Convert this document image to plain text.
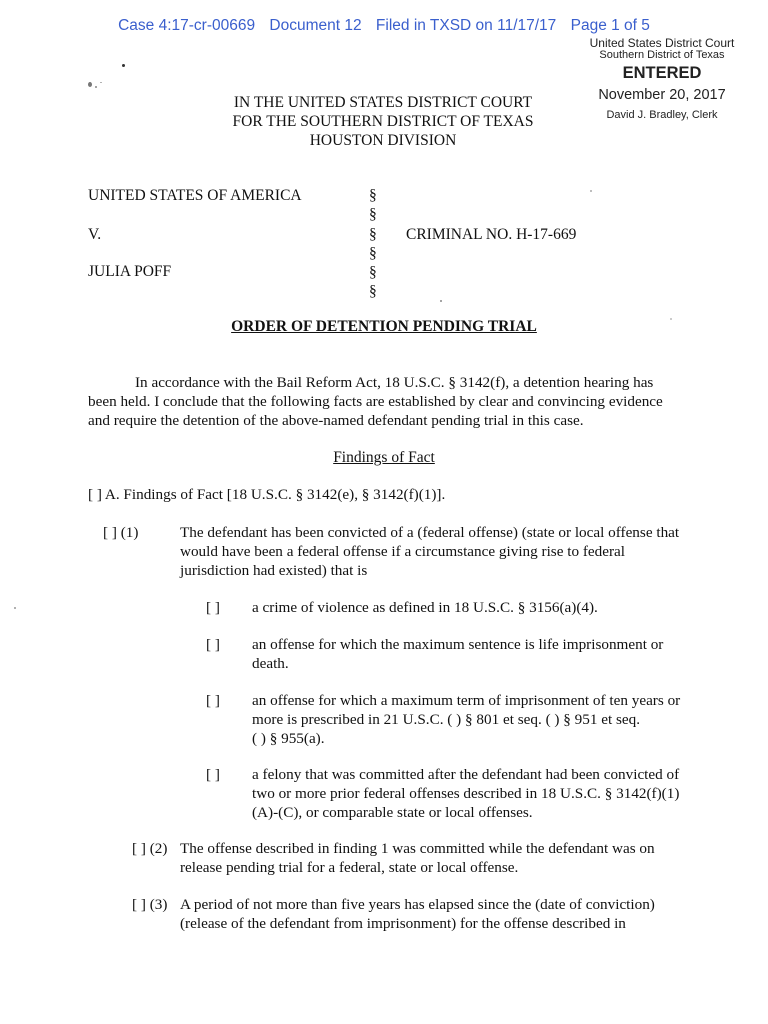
Case 4:17-cr-00669 Document 12 Filed in TXSD on 11/17/17 Page 1 of 5
United States District Court
Southern District of Texas
ENTERED
November 20, 2017
David J. Bradley, Clerk
IN THE UNITED STATES DISTRICT COURT
FOR THE SOUTHERN DISTRICT OF TEXAS
HOUSTON DIVISION
UNITED STATES OF AMERICA
V.
JULIA POFF
§
§
§
§
§
§
CRIMINAL NO. H-17-669
ORDER OF DETENTION PENDING TRIAL
In accordance with the Bail Reform Act, 18 U.S.C. § 3142(f), a detention hearing has
been held. I conclude that the following facts are established by clear and convincing evidence
and require the detention of the above-named defendant pending trial in this case.
Findings of Fact
[ ] A. Findings of Fact [18 U.S.C. § 3142(e), § 3142(f)(1)].
[ ] (1)	The defendant has been convicted of a (federal offense) (state or local offense that
would have been a federal offense if a circumstance giving rise to federal
jurisdiction had existed) that is
[ ] a crime of violence as defined in 18 U.S.C. § 3156(a)(4).
[ ] an offense for which the maximum sentence is life imprisonment or
death.
[ ] an offense for which a maximum term of imprisonment of ten years or
more is prescribed in 21 U.S.C. ( ) § 801 et seq. ( ) § 951 et seq.
( ) § 955(a).
[ ] a felony that was committed after the defendant had been convicted of
two or more prior federal offenses described in 18 U.S.C. § 3142(f)(1)
(A)-(C), or comparable state or local offenses.
[ ] (2) The offense described in finding 1 was committed while the defendant was on
release pending trial for a federal, state or local offense.
[ ] (3) A period of not more than five years has elapsed since the (date of conviction)
(release of the defendant from imprisonment) for the offense described in
